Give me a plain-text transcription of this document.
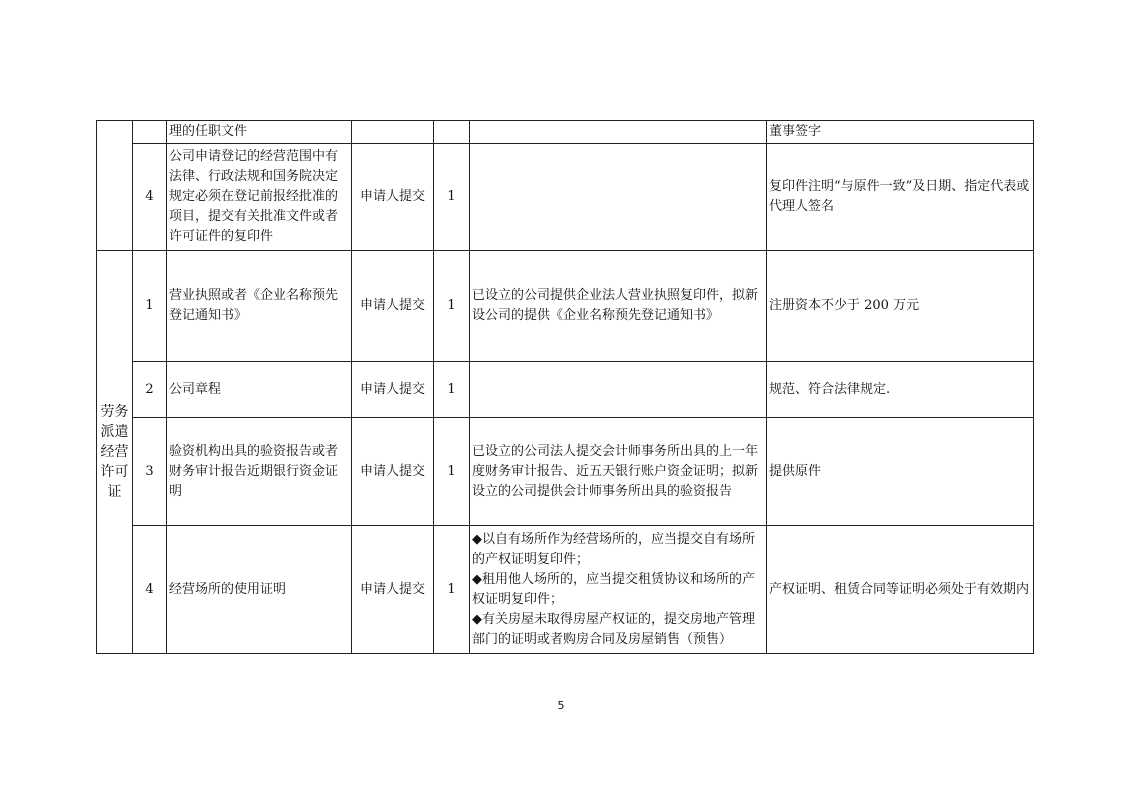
		理的任职文件				董事签字
	4	公司申请登记的经营范围中有法律、行政法规和国务院决定规定必须在登记前报经批准的项目，提交有关批准文件或者许可证件的复印件	申请人提交	1		复印件注明“与原件一致”及日期、指定代表或代理人签名
劳务派遣经营许可证	1	营业执照或者《企业名称预先登记通知书》	申请人提交	1	已设立的公司提供企业法人营业执照复印件，拟新设公司的提供《企业名称预先登记通知书》	注册资本不少于 200 万元
	2	公司章程	申请人提交	1		规范、符合法律规定.
	3	验资机构出具的验资报告或者财务审计报告近期银行资金证明	申请人提交	1	已设立的公司法人提交会计师事务所出具的上一年度财务审计报告、近五天银行账户资金证明；拟新设立的公司提供会计师事务所出具的验资报告	提供原件
	4	经营场所的使用证明	申请人提交	1	◆以自有场所作为经营场所的，应当提交自有场所的产权证明复印件；
◆租用他人场所的，应当提交租赁协议和场所的产权证明复印件；
◆有关房屋未取得房屋产权证的，提交房地产管理部门的证明或者购房合同及房屋销售（预售）	产权证明、租赁合同等证明必须处于有效期内
5
